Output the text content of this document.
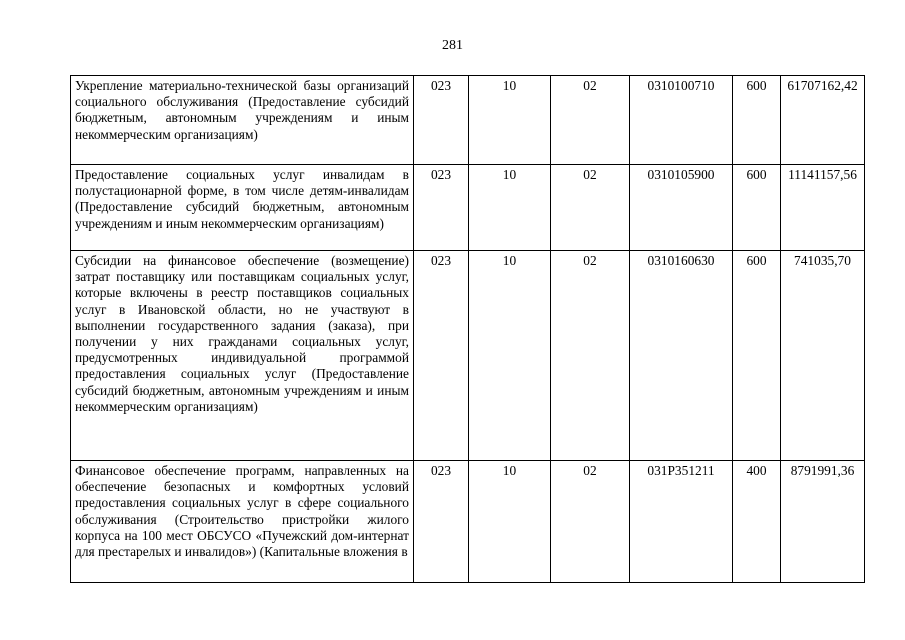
281
Укрепление материально-технической базы организаций социального обслуживания (Предоставление субсидий бюджетным, автономным учреждениям и иным некоммерческим организациям)	023	10	02	0310100710	600	61707162,42
Предоставление социальных услуг инвалидам в полустационарной форме, в том числе детям-инвалидам (Предоставление субсидий бюджетным, автономным учреждениям и иным некоммерческим организациям)	023	10	02	0310105900	600	11141157,56
Субсидии на финансовое обеспечение (возмещение) затрат поставщику или поставщикам социальных услуг, которые включены в реестр поставщиков социальных услуг в Ивановской области, но не участвуют в выполнении государственного задания (заказа), при получении у них гражданами социальных услуг, предусмотренных индивидуальной программой предоставления социальных услуг (Предоставление субсидий бюджетным, автономным учреждениям и иным некоммерческим организациям)	023	10	02	0310160630	600	741035,70
Финансовое обеспечение программ, направленных на обеспечение безопасных и комфортных условий предоставления социальных услуг в сфере социального обслуживания (Строительство пристройки жилого корпуса на 100 мест ОБСУСО «Пучежский дом-интернат для престарелых и инвалидов») (Капитальные вложения в	023	10	02	031P351211	400	8791991,36
